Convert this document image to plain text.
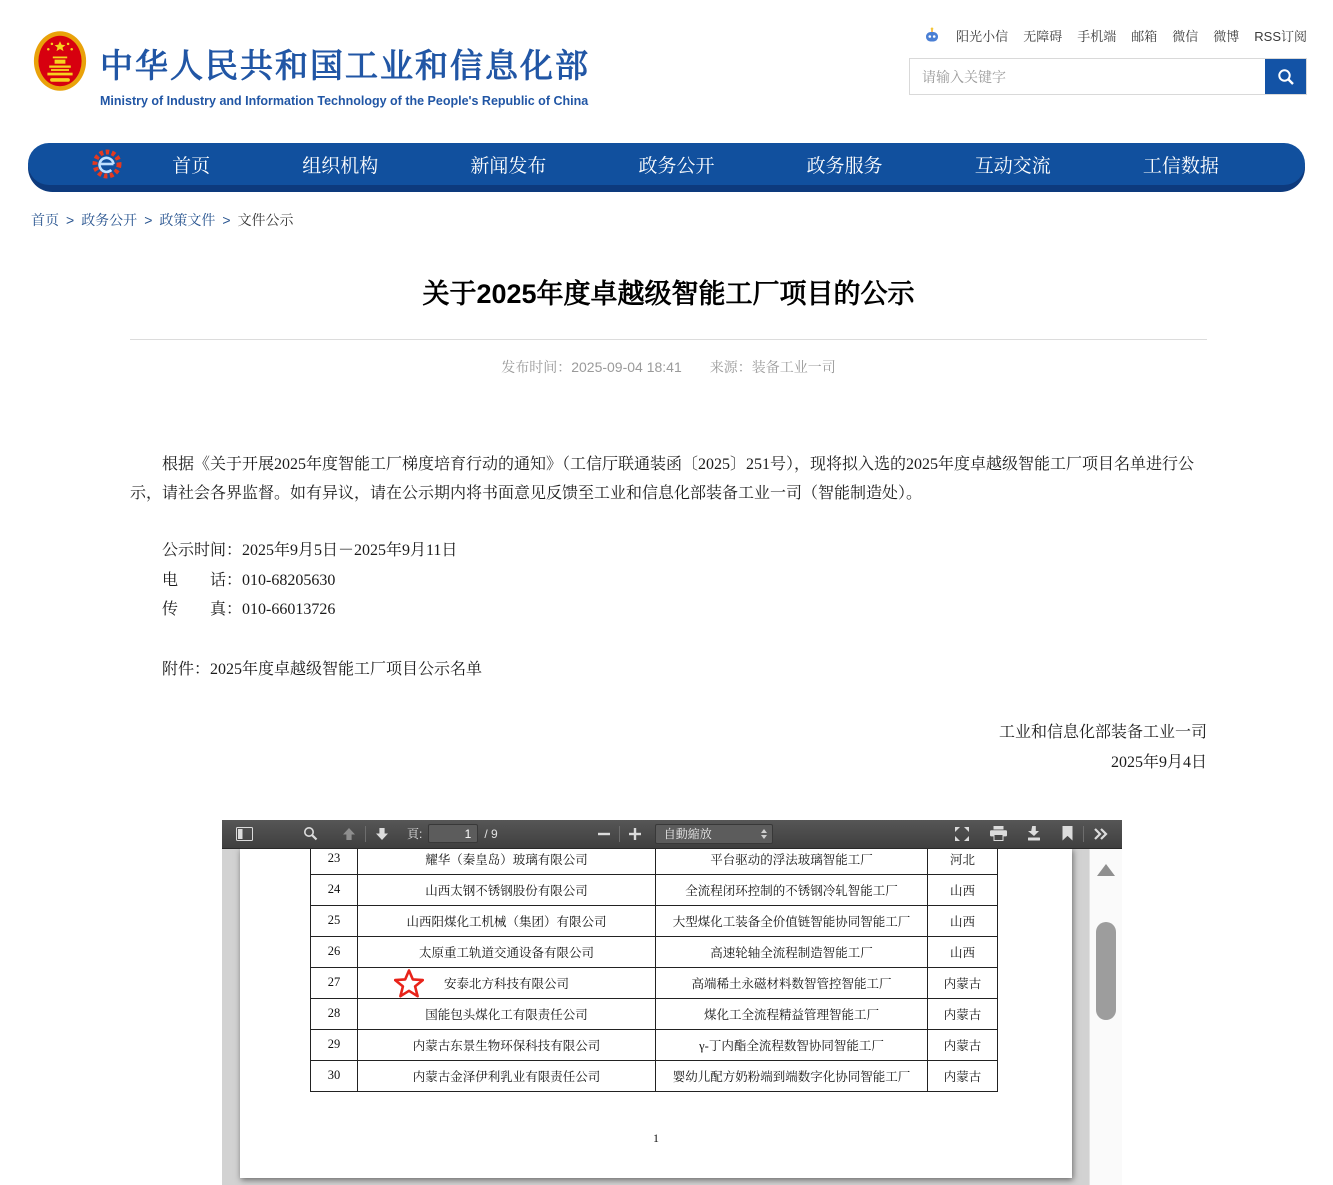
中华人民共和国工业和信息化部
Ministry of Industry and Information Technology of the People's Republic of China
阳光小信 无障碍 手机端 邮箱 微信 微博 RSS订阅
请输入关键字
首页	组织机构	新闻发布	政务公开	政务服务	互动交流	工信数据
首页 > 政务公开 > 政策文件 > 文件公示
关于2025年度卓越级智能工厂项目的公示
发布时间：2025-09-04 18:41 来源：装备工业一司

根据《关于开展2025年度智能工厂梯度培育行动的通知》（工信厅联通装函〔2025〕251号），现将拟入选的2025年度卓越级智能工厂项目名单进行公示，请社会各界监督。如有异议，请在公示期内将书面意见反馈至工业和信息化部装备工业一司（智能制造处）。

公示时间：2025年9月5日－2025年9月11日

电　　话：010-68205630

传　　真：010-66013726

附件：2025年度卓越级智能工厂项目公示名单

工业和信息化部装备工业一司
2025年9月4日
頁:
1	/ 9	自動縮放
23	耀华（秦皇岛）玻璃有限公司	平台驱动的浮法玻璃智能工厂	河北
24	山西太钢不锈钢股份有限公司	全流程闭环控制的不锈钢冷轧智能工厂	山西
25	山西阳煤化工机械（集团）有限公司	大型煤化工装备全价值链智能协同智能工厂	山西
26	太原重工轨道交通设备有限公司	高速轮轴全流程制造智能工厂	山西
27	安泰北方科技有限公司	高端稀土永磁材料数智管控智能工厂	内蒙古
28	国能包头煤化工有限责任公司	煤化工全流程精益管理智能工厂	内蒙古
29	内蒙古东景生物环保科技有限公司	γ-丁内酯全流程数智协同智能工厂	内蒙古
30	内蒙古金泽伊利乳业有限责任公司	婴幼儿配方奶粉端到端数字化协同智能工厂	内蒙古
1
